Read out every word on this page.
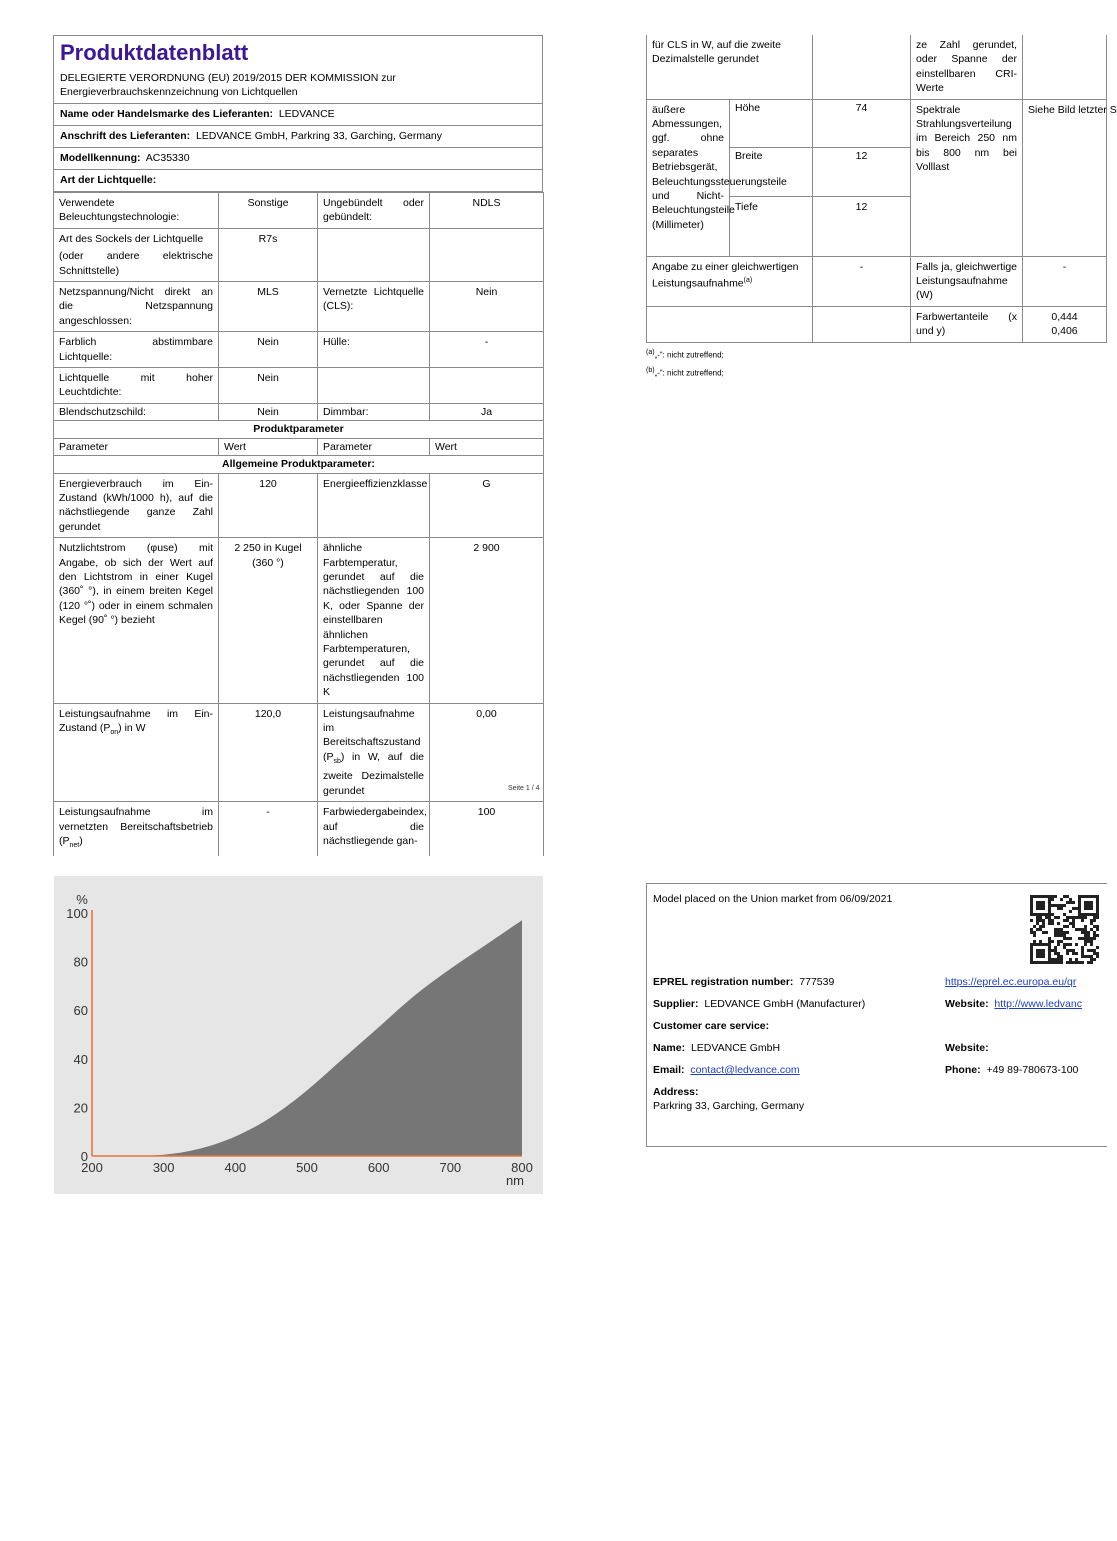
Produktdatenblatt
DELEGIERTE VERORDNUNG (EU) 2019/2015 DER KOMMISSION zur Energieverbrauchskennzeichnung von Lichtquellen
Name oder Handelsmarke des Lieferanten: LEDVANCE
Anschrift des Lieferanten: LEDVANCE GmbH, Parkring 33, Garching, Germany
Modellkennung: AC35330
Art der Lichtquelle:
Verwendete Beleuchtungstechnologie:	Sonstige	Ungebündelt oder gebündelt:	NDLS

Art des Sockels der Lichtquelle
(oder andere elektrische Schnittstelle)	R7s		
Netzspannung/Nicht direkt an die Netzspannung angeschlossen:	MLS	Vernetzte Lichtquelle (CLS):	Nein
Farblich abstimmbare Lichtquelle:	Nein	Hülle:	-
Lichtquelle mit hoher Leuchtdichte:	Nein		
Blendschutzschild:	Nein	Dimmbar:	Ja
Produktparameter			
Parameter	Wert	Parameter	Wert
Allgemeine Produktparameter:			
Energieverbrauch im Ein-Zustand (kWh/1000 h), auf die nächstliegende ganze Zahl gerundet	120	Energieeffizienzklasse	G
Nutzlichtstrom (φuse) mit Angabe, ob sich der Wert auf den Lichtstrom in einer Kugel (360˚ °), in einem breiten Kegel (120 °˚) oder in einem schmalen Kegel (90˚ °) bezieht	2 250 in Kugel (360 °)	ähnliche Farbtemperatur, gerundet auf die nächstliegenden 100 K, oder Spanne der einstellbaren ähnlichen Farbtemperaturen, gerundet auf die nächstliegenden 100 K	2 900
Leistungsaufnahme im Ein-Zustand $(P_{on})$ in W	120,0	Leistungsaufnahme im Bereitschaftszustand $(P_{sb})$ in W, auf die zweite Dezimalstelle gerundet	0,00
Leistungsaufnahme im vernetzten Bereitschaftsbetrieb $(P_{net})$	-	Farbwiedergabeindex, auf die nächstliegende gan-	100
Seite 1 / 4
für CLS in W, auf die zweite Dezimalstelle gerundet			ze Zahl gerundet, oder Spanne der einstellbaren CRI-Werte	
äußere Abmessungen, ggf. ohne separates Betriebsgerät, Beleuchtungssteuerungsteile und Nicht-Beleuchtungsteile (Millimeter)	Höhe	74	Spektrale Strahlungsverteilung im Bereich 250 nm bis 800 nm bei Volllast	Siehe Bild letzter S
	Breite	12		
	Tiefe	12		
Angabe zu einer gleichwertigen Leistungsaufnahme$^{(a)}$		-	Falls ja, gleichwertige Leistungsaufnahme (W)	-
			Farbwertanteile (x und y)	0,444
0,406
$^{(a)}$„-“: nicht zutreffend;
$^{(b)}$„-“: nicht zutreffend;
0
20
40
60
80
100
200	300	400	500	600	700	800
%
nm
Model placed on the Union market from 06/09/2021
EPREL registration number: 777539	https://eprel.ec.europa.eu/qr
Supplier: LEDVANCE GmbH (Manufacturer)	Website: http://www.ledvanc
Customer care service:
Name: LEDVANCE GmbH	Website:
Email: contact@ledvance.com	Phone: +49 89-780673-100
Address:
Parkring 33, Garching, Germany
